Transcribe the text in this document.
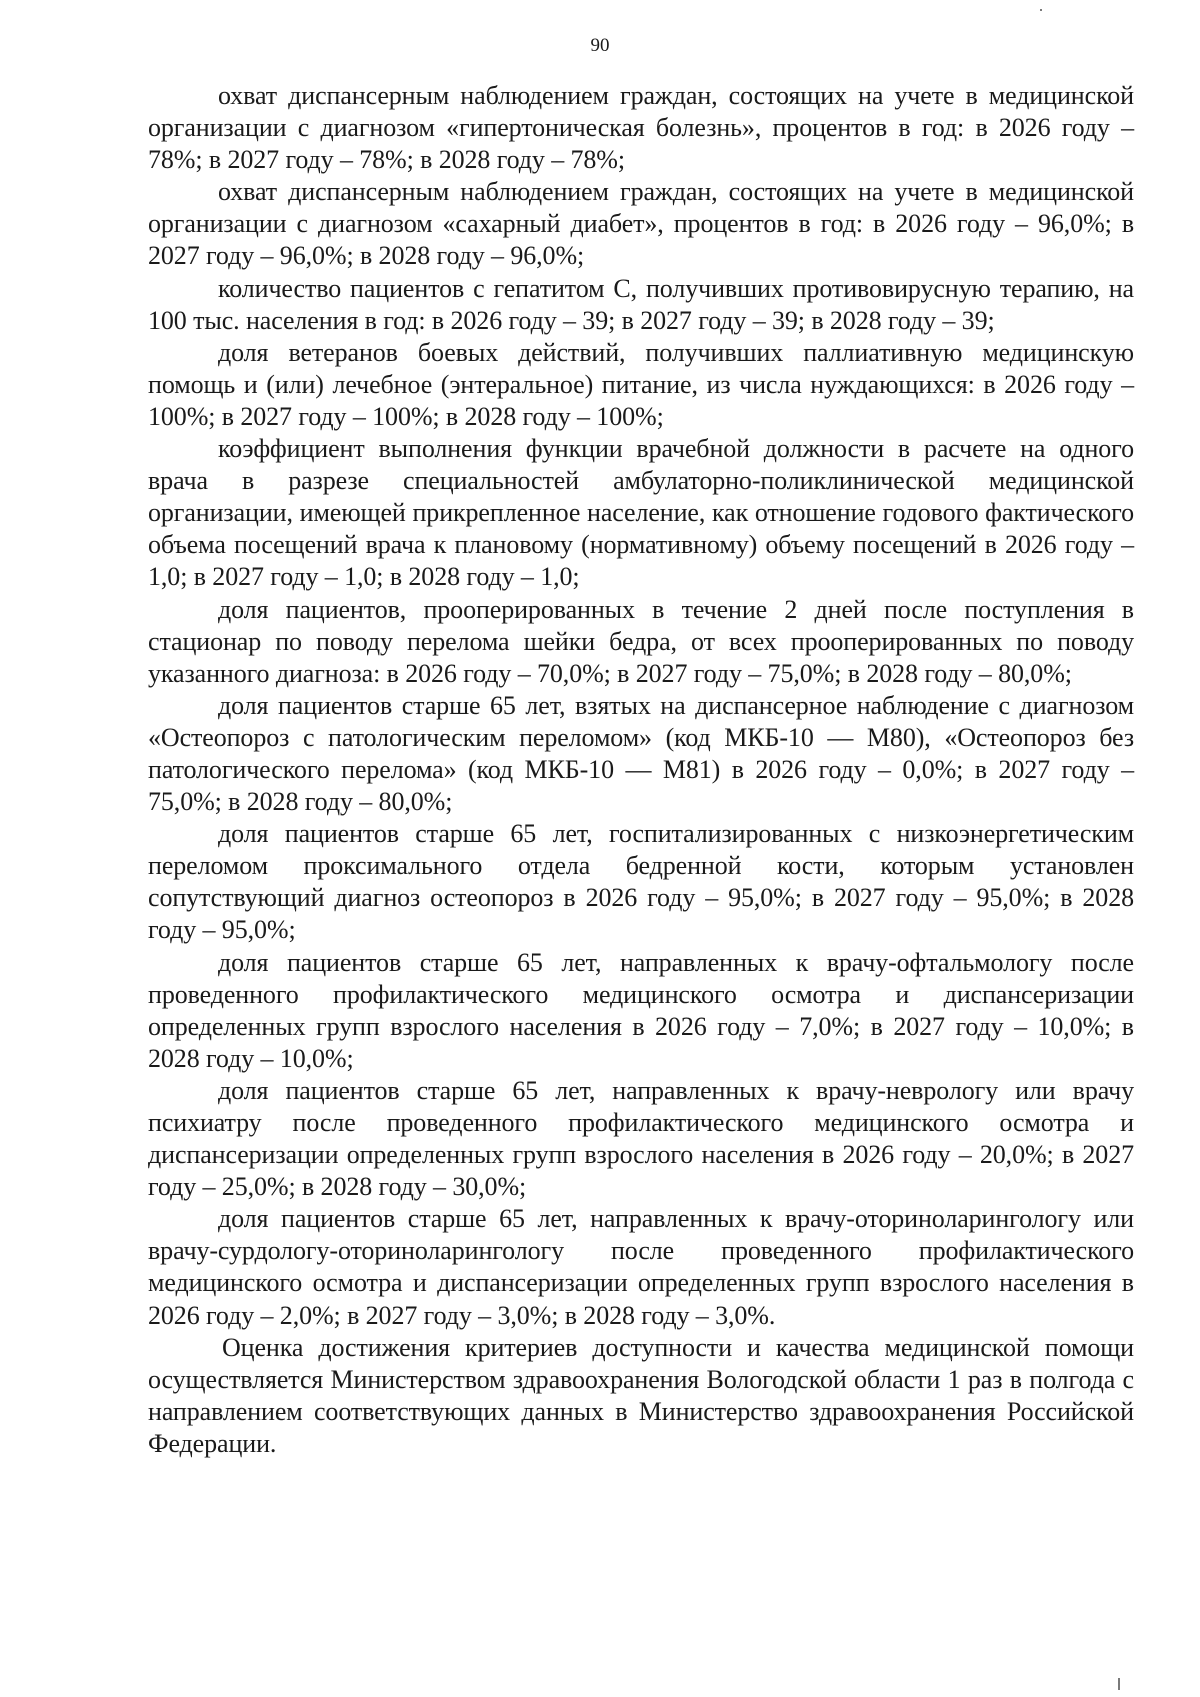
90

охват диспансерным наблюдением граждан, состоящих на учете в медицинской организации с диагнозом «гипертоническая болезнь», процентов в год: в 2026 году – 78%; в 2027 году – 78%; в 2028 году – 78%;

охват диспансерным наблюдением граждан, состоящих на учете в медицинской организации с диагнозом «сахарный диабет», процентов в год: в 2026 году – 96,0%; в 2027 году – 96,0%; в 2028 году – 96,0%;

количество пациентов с гепатитом С, получивших противовирусную терапию, на 100 тыс. населения в год: в 2026 году – 39; в 2027 году – 39; в 2028 году – 39;

доля ветеранов боевых действий, получивших паллиативную медицинскую помощь и (или) лечебное (энтеральное) питание, из числа нуждающихся: в 2026 году – 100%; в 2027 году – 100%; в 2028 году – 100%;

коэффициент выполнения функции врачебной должности в расчете на одного врача в разрезе специальностей амбулаторно-поликлинической медицинской организации, имеющей прикрепленное население, как отношение годового фактического объема посещений врача к плановому (нормативному) объему посещений в 2026 году – 1,0; в 2027 году – 1,0; в 2028 году – 1,0;

доля пациентов, прооперированных в течение 2 дней после поступления в стационар по поводу перелома шейки бедра, от всех прооперированных по поводу указанного диагноза: в 2026 году – 70,0%; в 2027 году – 75,0%; в 2028 году – 80,0%;

доля пациентов старше 65 лет, взятых на диспансерное наблюдение с диагнозом «Остеопороз с патологическим переломом» (код МКБ-10 — M80), «Остеопороз без патологического перелома» (код МКБ-10 — M81) в 2026 году – 0,0%; в 2027 году – 75,0%; в 2028 году – 80,0%;

доля пациентов старше 65 лет, госпитализированных с низкоэнергетическим переломом проксимального отдела бедренной кости, которым установлен сопутствующий диагноз остеопороз в 2026 году – 95,0%; в 2027 году – 95,0%; в 2028 году – 95,0%;

доля пациентов старше 65 лет, направленных к врачу-офтальмологу после проведенного профилактического медицинского осмотра и диспансеризации определенных групп взрослого населения в 2026 году – 7,0%; в 2027 году – 10,0%; в 2028 году – 10,0%;

доля пациентов старше 65 лет, направленных к врачу-неврологу или врачу психиатру после проведенного профилактического медицинского осмотра и диспансеризации определенных групп взрослого населения в 2026 году – 20,0%; в 2027 году – 25,0%; в 2028 году – 30,0%;

доля пациентов старше 65 лет, направленных к врачу-оториноларингологу или врачу-сурдологу-оториноларингологу после проведенного профилактического медицинского осмотра и диспансеризации определенных групп взрослого населения в 2026 году – 2,0%; в 2027 году – 3,0%; в 2028 году – 3,0%.

Оценка достижения критериев доступности и качества медицинской помощи осуществляется Министерством здравоохранения Вологодской области 1 раз в полгода с направлением соответствующих данных в Министерство здравоохранения Российской Федерации.
